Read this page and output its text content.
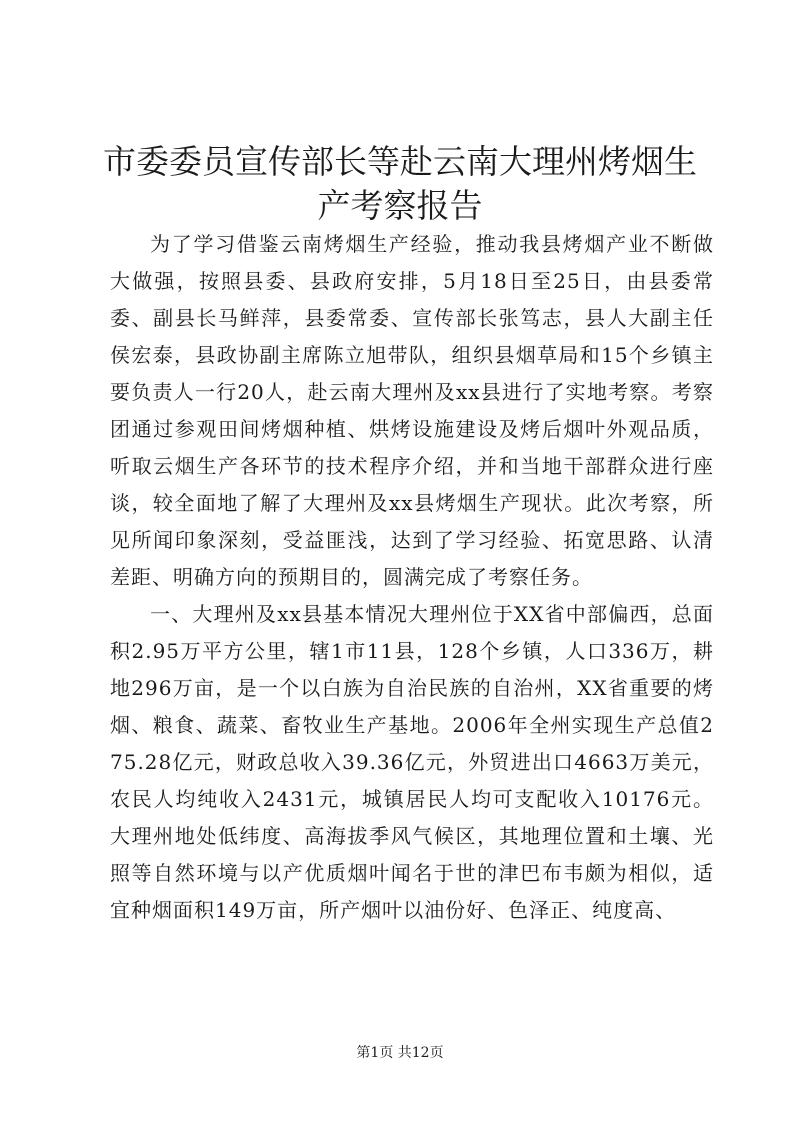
市委委员宣传部长等赴云南大理州烤烟生产考察报告

为了学习借鉴云南烤烟生产经验，推动我县烤烟产业不断做大做强，按照县委、县政府安排，5月18日至25日，由县委常委、副县长马鲜萍，县委常委、宣传部长张笃志，县人大副主任侯宏泰，县政协副主席陈立旭带队，组织县烟草局和15个乡镇主要负责人一行20人，赴云南大理州及xx县进行了实地考察。考察团通过参观田间烤烟种植、烘烤设施建设及烤后烟叶外观品质，听取云烟生产各环节的技术程序介绍，并和当地干部群众进行座谈，较全面地了解了大理州及xx县烤烟生产现状。此次考察，所见所闻印象深刻，受益匪浅，达到了学习经验、拓宽思路、认清差距、明确方向的预期目的，圆满完成了考察任务。

一、大理州及xx县基本情况大理州位于XX省中部偏西，总面积2.95万平方公里，辖1市11县，128个乡镇，人口336万，耕地296万亩，是一个以白族为自治民族的自治州，XX省重要的烤烟、粮食、蔬菜、畜牧业生产基地。2006年全州实现生产总值275.28亿元，财政总收入39.36亿元，外贸进出口4663万美元，农民人均纯收入2431元，城镇居民人均可支配收入10176元。大理州地处低纬度、高海拔季风气候区，其地理位置和土壤、光照等自然环境与以产优质烟叶闻名于世的津巴布韦颇为相似，适宜种烟面积149万亩，所产烟叶以油份好、色泽正、纯度高、

第1页 共12页
